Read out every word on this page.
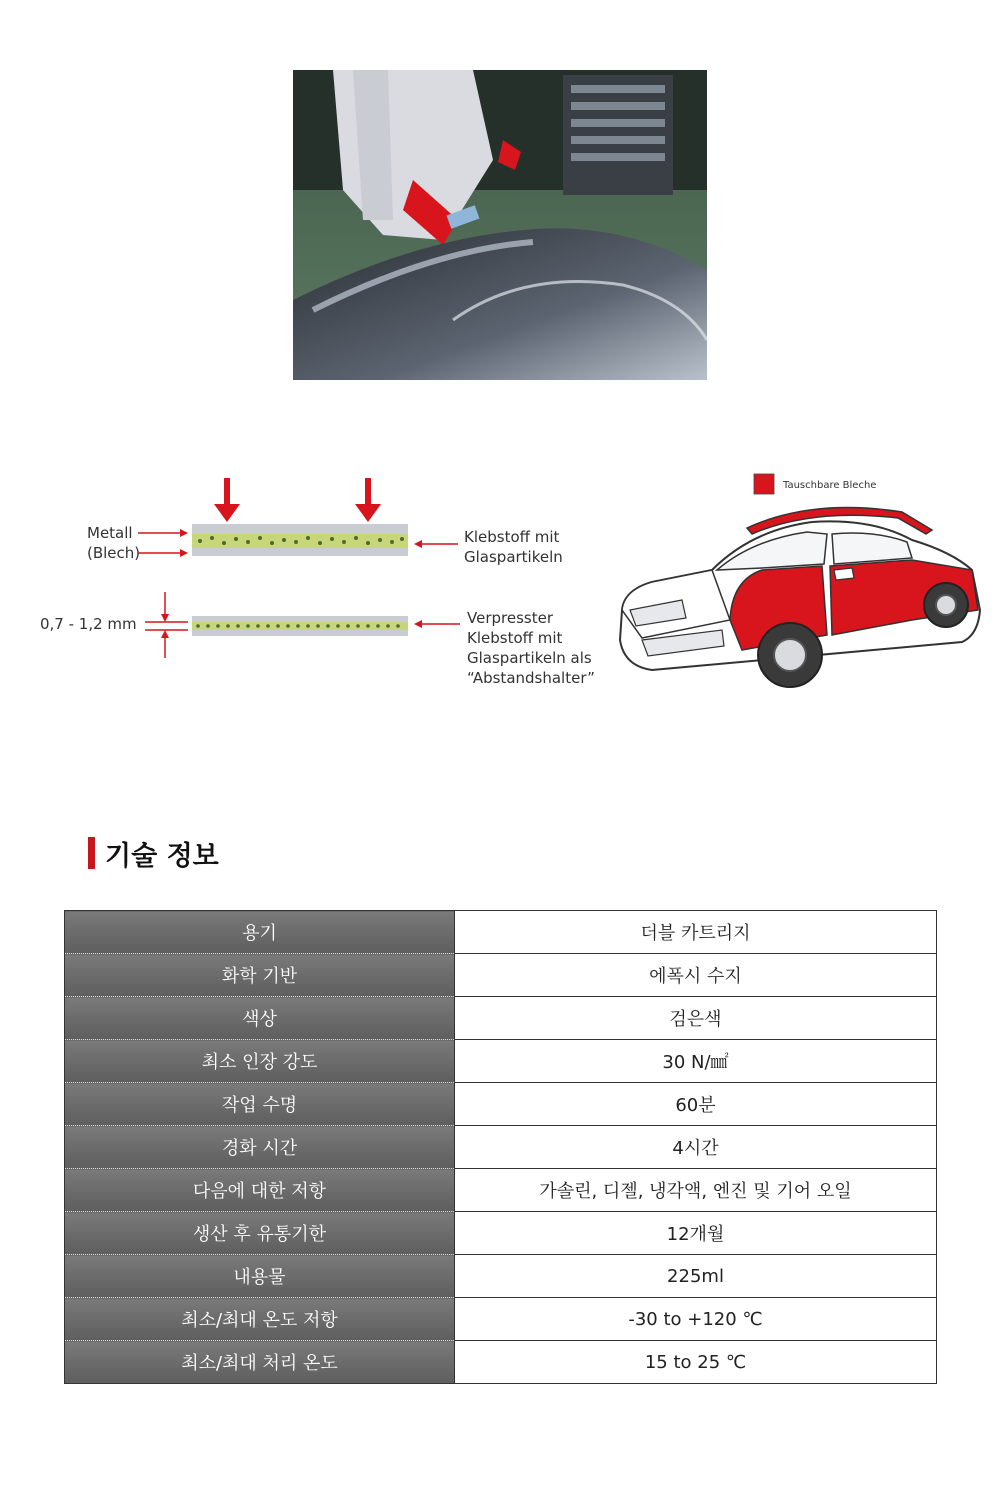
Metall
(Blech)
Klebstoff mit
Glaspartikeln
0,7 - 1,2 mm	Verpresster
Klebstoff mit
Glaspartikeln als
“Abstandshalter”
Tauschbare Bleche
기술 정보
용기	더블 카트리지
화학 기반	에폭시 수지
색상	검은색
최소 인장 강도	30 N/㎟
작업 수명	60분
경화 시간	4시간
다음에 대한 저항	가솔린, 디젤, 냉각액, 엔진 및 기어 오일
생산 후 유통기한	12개월
내용물	225ml
최소/최대 온도 저항	-30 to +120 ℃
최소/최대 처리 온도	15 to 25 ℃
